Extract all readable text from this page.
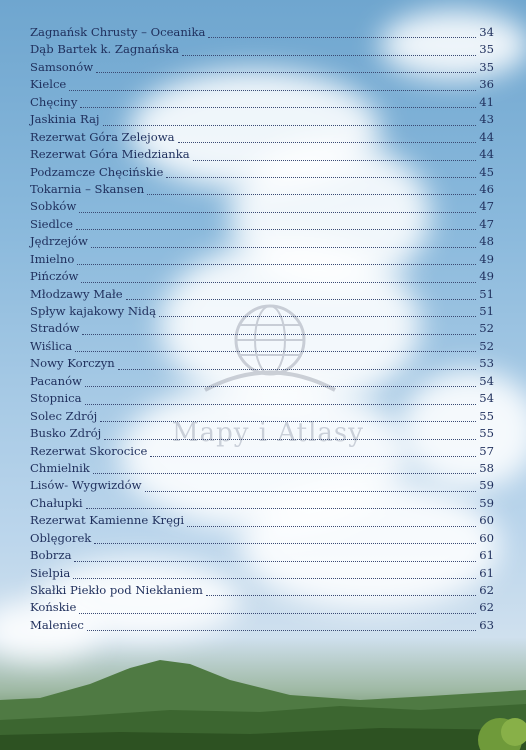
Mapy i Atlasy
Zagnańsk Chrusty – Oceanika	34
Dąb Bartek k. Zagnańska	35
Samsonów	35
Kielce	36
Chęciny	41
Jaskinia Raj	43
Rezerwat Góra Zelejowa	44
Rezerwat Góra Miedzianka	44
Podzamcze Chęcińskie	45
Tokarnia – Skansen	46
Sobków	47
Siedlce	47
Jędrzejów	48
Imielno	49
Pińczów	49
Młodzawy Małe	51
Spływ kajakowy Nidą	51
Stradów	52
Wiślica	52
Nowy Korczyn	53
Pacanów	54
Stopnica	54
Solec Zdrój	55
Busko Zdrój	55
Rezerwat Skorocice	57
Chmielnik	58
Lisów- Wygwizdów	59
Chałupki	59
Rezerwat Kamienne Kręgi	60
Oblęgorek	60
Bobrza	61
Sielpia	61
Skałki Piekło pod Niekłaniem	62
Końskie	62
Maleniec	63
